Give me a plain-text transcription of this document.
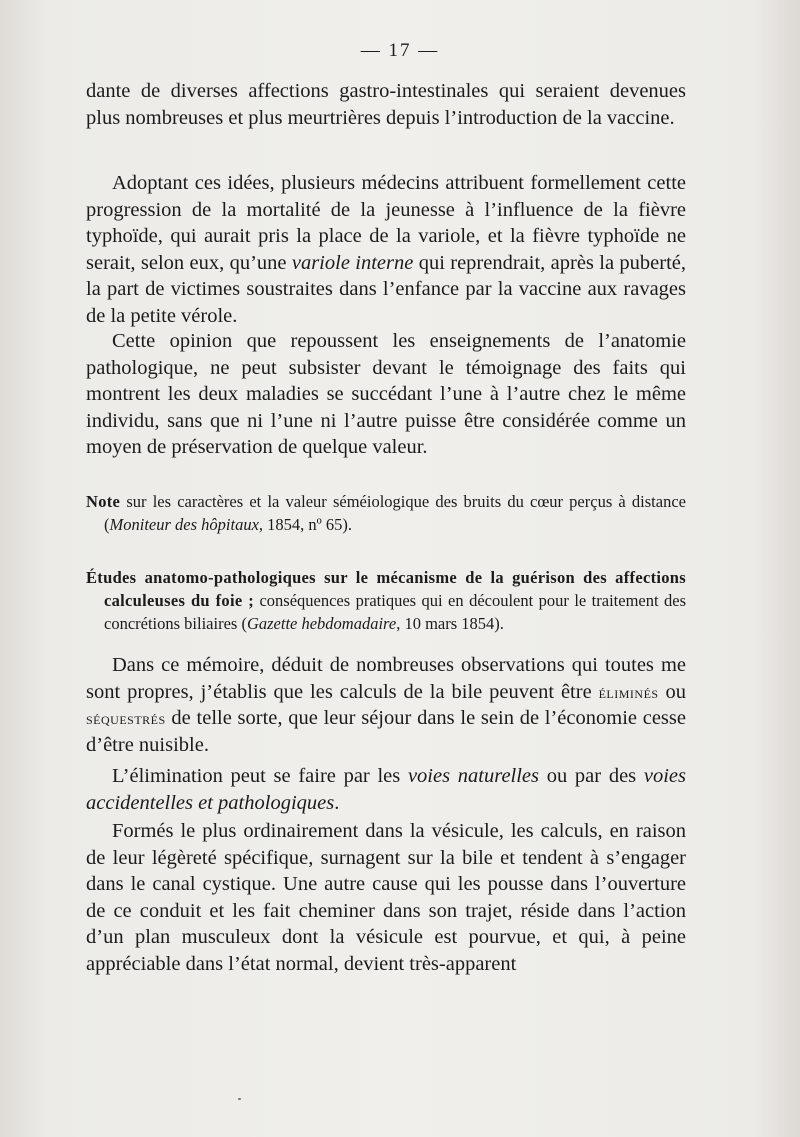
— 17 —

dante de diverses affections gastro-intestinales qui seraient devenues plus nombreuses et plus meurtrières depuis l’introduction de la vaccine.

Adoptant ces idées, plusieurs médecins attribuent formellement cette progression de la mortalité de la jeunesse à l’influence de la fièvre typhoïde, qui aurait pris la place de la variole, et la fièvre typhoïde ne serait, selon eux, qu’une variole interne qui reprendrait, après la puberté, la part de victimes soustraites dans l’enfance par la vaccine aux ravages de la petite vérole.

Cette opinion que repoussent les enseignements de l’anatomie pathologique, ne peut subsister devant le témoignage des faits qui montrent les deux maladies se succédant l’une à l’autre chez le même individu, sans que ni l’une ni l’autre puisse être considérée comme un moyen de préservation de quelque valeur.

Note sur les caractères et la valeur séméiologique des bruits du cœur perçus à distance (Moniteur des hôpitaux, 1854, nº 65).

Études anatomo-pathologiques sur le mécanisme de la guérison des affections calculeuses du foie ; conséquences pratiques qui en découlent pour le traitement des concrétions biliaires (Gazette hebdomadaire, 10 mars 1854).

Dans ce mémoire, déduit de nombreuses observations qui toutes me sont propres, j’établis que les calculs de la bile peuvent être éliminés ou séquestrés de telle sorte, que leur séjour dans le sein de l’économie cesse d’être nuisible.

L’élimination peut se faire par les voies naturelles ou par des voies accidentelles et pathologiques.

Formés le plus ordinairement dans la vésicule, les calculs, en raison de leur légèreté spécifique, surnagent sur la bile et tendent à s’engager dans le canal cystique. Une autre cause qui les pousse dans l’ouverture de ce conduit et les fait cheminer dans son trajet, réside dans l’action d’un plan musculeux dont la vésicule est pourvue, et qui, à peine appréciable dans l’état normal, devient très-apparent
